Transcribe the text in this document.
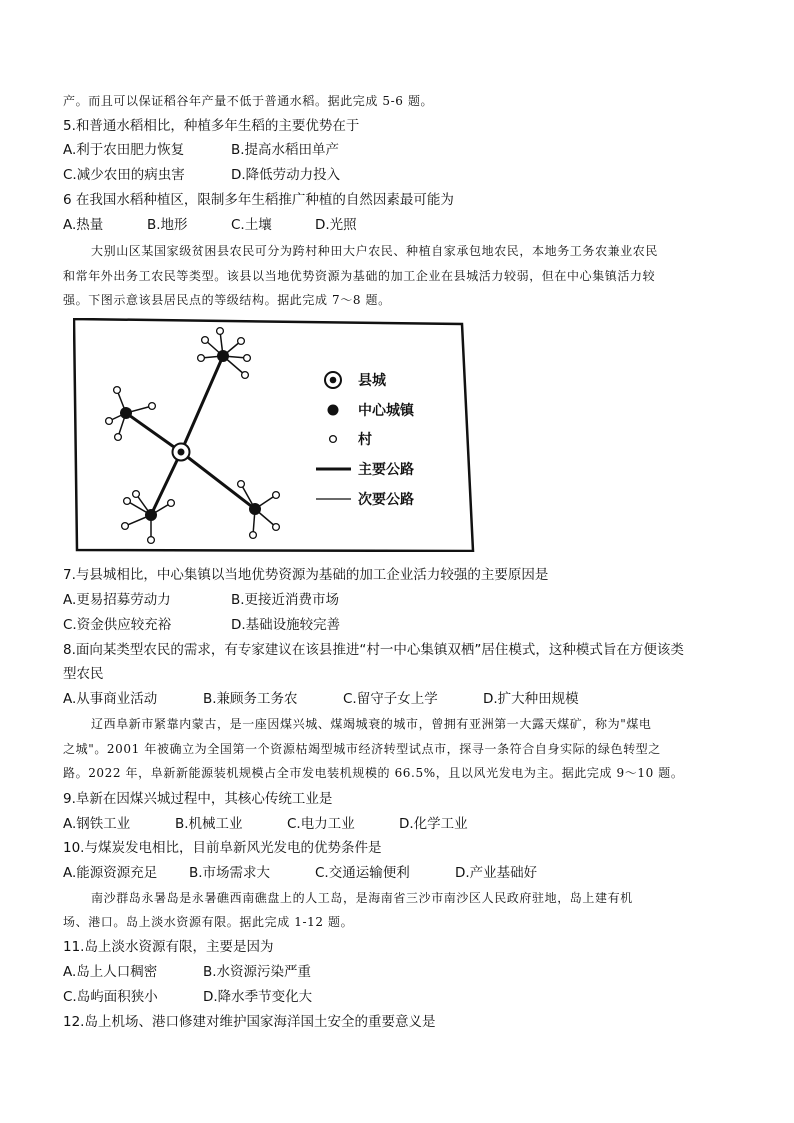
产。而且可以保证稻谷年产量不低于普通水稻。据此完成 5-6 题。
5.和普通水稻相比，种植多年生稻的主要优势在于
A.利于农田肥力恢复	B.提高水稻田单产
C.减少农田的病虫害	D.降低劳动力投入
6 在我国水稻种植区，限制多年生稻推广种植的自然因素最可能为
A.热量	B.地形	C.土壤	D.光照
大别山区某国家级贫困县农民可分为跨村种田大户农民、种植自家承包地农民，本地务工务农兼业农民
和常年外出务工农民等类型。该县以当地优势资源为基础的加工企业在县城活力较弱，但在中心集镇活力较
强。下图示意该县居民点的等级结构。据此完成 7～8 题。
县城
中心城镇
村
主要公路
次要公路
7.与县城相比，中心集镇以当地优势资源为基础的加工企业活力较强的主要原因是
A.更易招募劳动力	B.更接近消费市场
C.资金供应较充裕	D.基础设施较完善
8.面向某类型农民的需求，有专家建议在该县推进“村一中心集镇双栖”居住模式，这种模式旨在方便该类
型农民
A.从事商业活动	B.兼顾务工务农	C.留守子女上学	D.扩大种田规模
辽西阜新市紧靠内蒙古，是一座因煤兴城、煤竭城衰的城市，曾拥有亚洲第一大露天煤矿，称为"煤电
之城"。2001 年被确立为全国第一个资源枯竭型城市经济转型试点市，探寻一条符合自身实际的绿色转型之
路。2022 年，阜新新能源装机规模占全市发电装机规模的 66.5%，且以风光发电为主。据此完成 9～10 题。
9.阜新在因煤兴城过程中，其核心传统工业是
A.钢铁工业	B.机械工业	C.电力工业	D.化学工业
10.与煤炭发电相比，目前阜新风光发电的优势条件是
A.能源资源充足 B.市场需求大	C.交通运输便利	D.产业基础好
南沙群岛永暑岛是永暑礁西南礁盘上的人工岛，是海南省三沙市南沙区人民政府驻地，岛上建有机
场、港口。岛上淡水资源有限。据此完成 1-12 题。
11.岛上淡水资源有限，主要是因为
A.岛上人口稠密	B.水资源污染严重
C.岛屿面积狭小	D.降水季节变化大
12.岛上机场、港口修建对维护国家海洋国土安全的重要意义是
